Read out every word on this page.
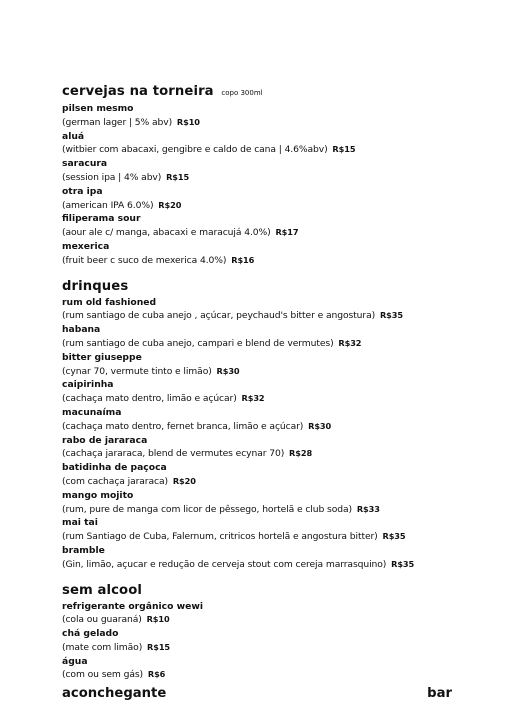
cervejas na torneira copo 300ml
pilsen mesmo
(german lager | 5% abv) R$10
aluá
(witbier com abacaxi, gengibre e caldo de cana | 4.6%abv) R$15
saracura
(session ipa | 4% abv) R$15
otra ipa
(american IPA 6.0%) R$20
filiperama sour
(aour ale c/ manga, abacaxi e maracujá 4.0%) R$17
mexerica
(fruit beer c suco de mexerica 4.0%) R$16
drinques
rum old fashioned
(rum santiago de cuba anejo , açúcar, peychaud's bitter e angostura) R$35
habana
(rum santiago de cuba anejo, campari e blend de vermutes) R$32
bitter giuseppe
(cynar 70, vermute tinto e limão) R$30
caipirinha
(cachaça mato dentro, limão e açúcar) R$32
macunaíma
(cachaça mato dentro, fernet branca, limão e açúcar) R$30
rabo de jararaca
(cachaça jararaca, blend de vermutes ecynar 70) R$28
batidinha de paçoca
(com cachaça jararaca) R$20
mango mojito
(rum, pure de manga com licor de pêssego, hortelã e club soda) R$33
mai tai
(rum Santiago de Cuba, Falernum, critricos hortelã e angostura bitter) R$35
bramble
(Gin, limão, açucar e redução de cerveja stout com cereja marrasquino) R$35
sem alcool
refrigerante orgânico wewi
(cola ou guaraná) R$10
chá gelado
(mate com limão) R$15
água
(com ou sem gás) R$6
aconchegante	bar
